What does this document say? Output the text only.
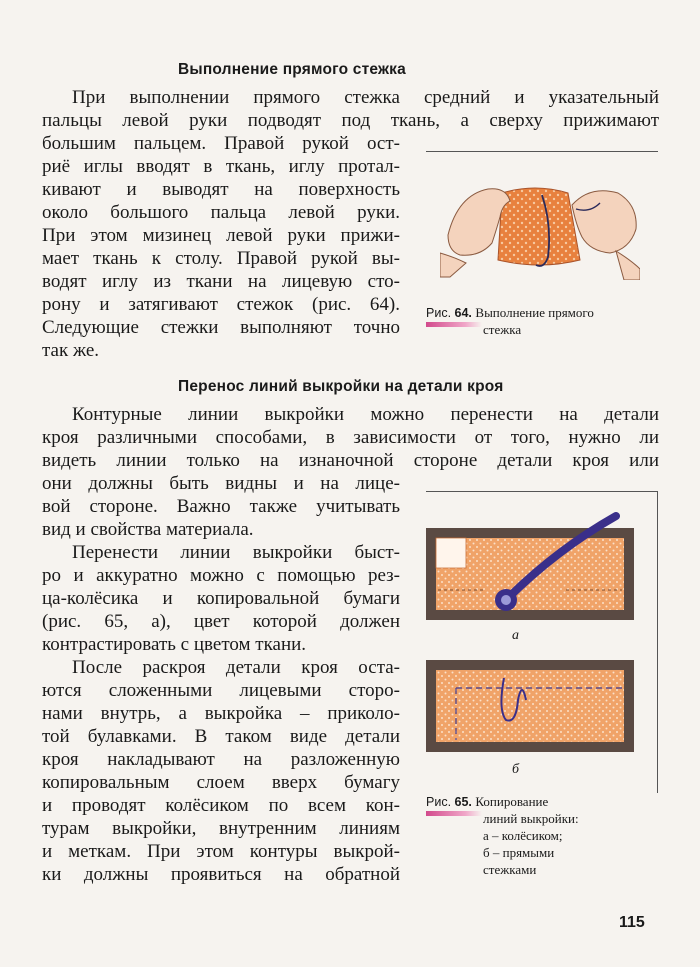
Выполнение прямого стежка
При выполнении прямого стежка средний и указательный
пальцы левой руки подводят под ткань, а сверху прижимают
большим пальцем. Правой рукой ост-
риё иглы вводят в ткань, иглу протал-
кивают и выводят на поверхность
около большого пальца левой руки.
При этом мизинец левой руки прижи-
мает ткань к столу. Правой рукой вы-
водят иглу из ткани на лицевую сто-
рону и затягивают стежок (рис. 64).
Следующие стежки выполняют точно
так же.
Рис. 64. Выполнение прямого
стежка
Перенос линий выкройки на детали кроя
Контурные линии выкройки можно перенести на детали
кроя различными способами, в зависимости от того, нужно ли
видеть линии только на изнаночной стороне детали кроя или
они должны быть видны и на лице-
вой стороне. Важно также учитывать
вид и свойства материала.
Перенести линии выкройки быст-
ро и аккуратно можно с помощью рез-
ца-колёсика и копировальной бумаги
(рис. 65, а), цвет которой должен
контрастировать с цветом ткани.
После раскроя детали кроя оста-
ются сложенными лицевыми сторо-
нами внутрь, а выкройка – приколо-
той булавками. В таком виде детали
кроя накладывают на разложенную
копировальным слоем вверх бумагу
и проводят колёсиком по всем кон-
турам выкройки, внутренним линиям
и меткам. При этом контуры выкрой-
ки должны проявиться на обратной
а
б
Рис. 65. Копирование
линий выкройки:
а – колёсиком;
б – прямыми
стежками
115
